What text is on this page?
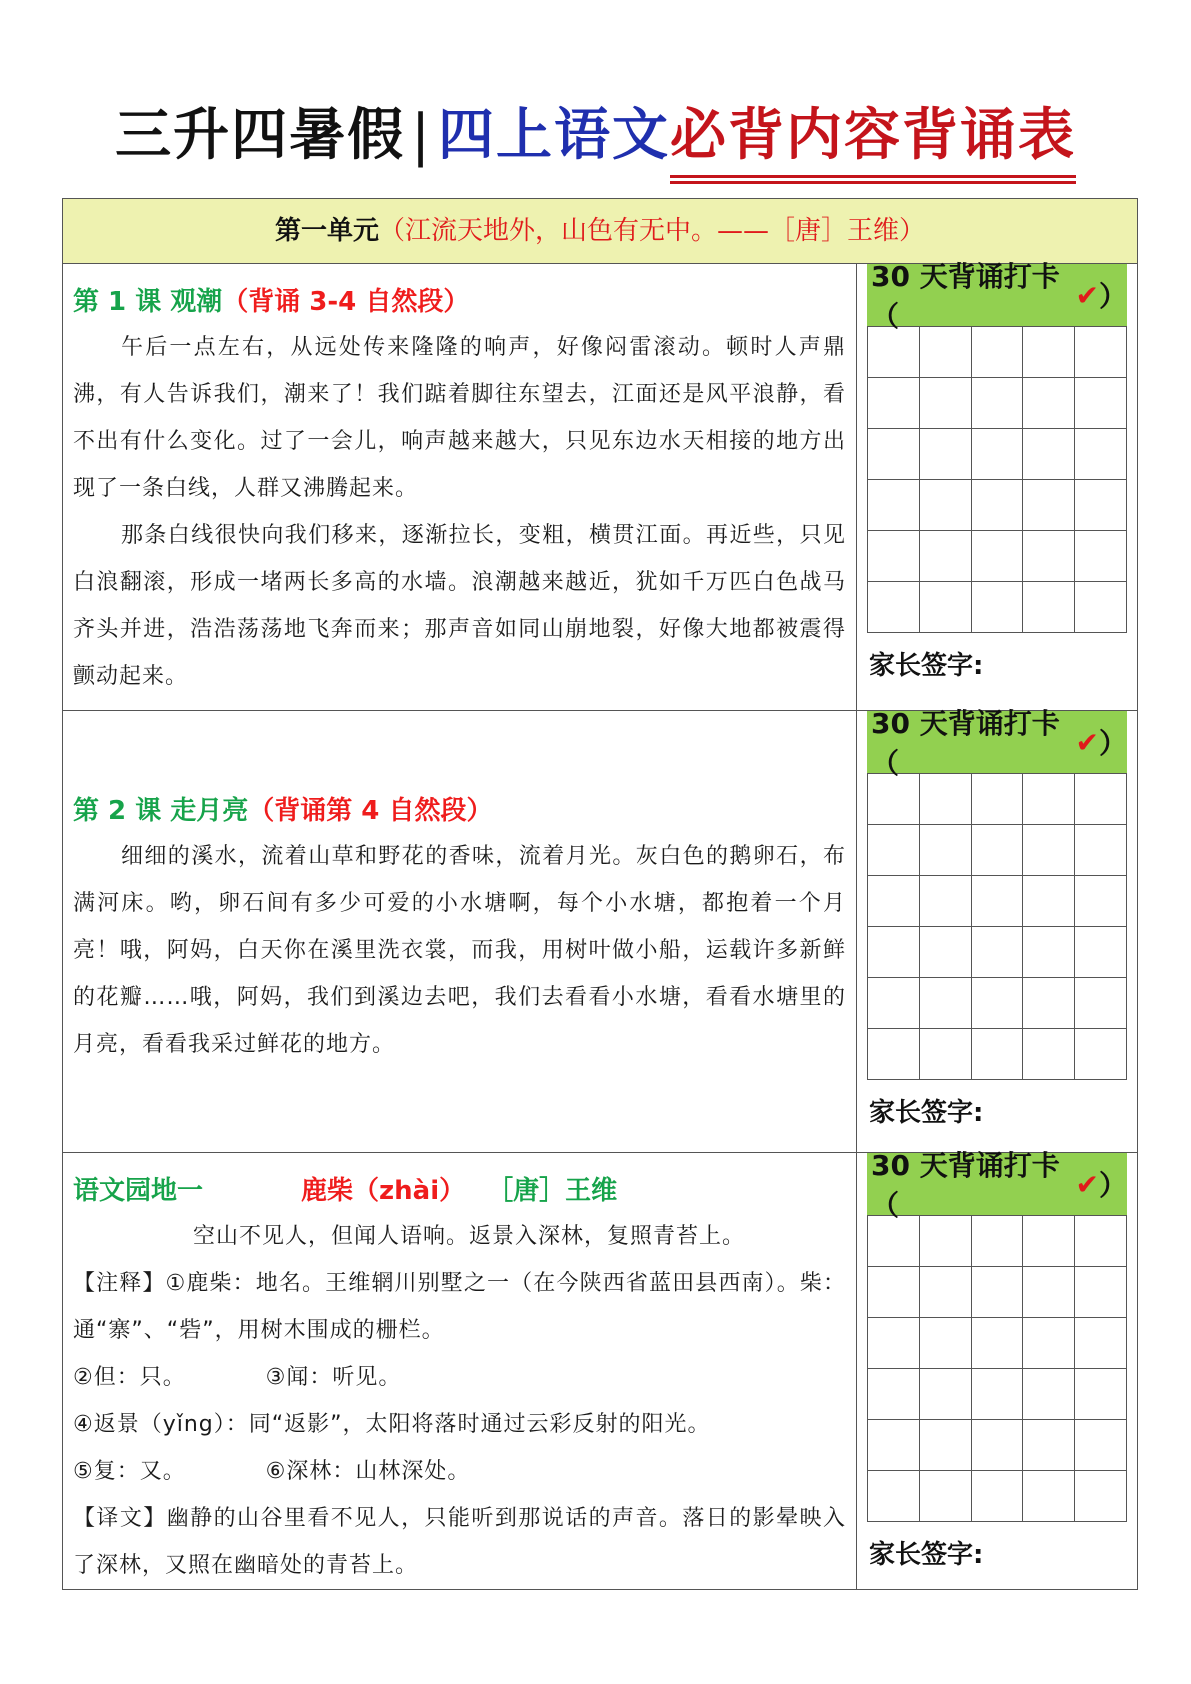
三升四暑假 | 四上语文必背内容背诵表
第一单元 （江流天地外，山色有无中。——［唐］王维）
第 1 课 观潮（背诵 3-4 自然段）

午后一点左右，从远处传来隆隆的响声，好像闷雷滚动。顿时人声鼎沸，有人告诉我们，潮来了！我们踮着脚往东望去，江面还是风平浪静，看不出有什么变化。过了一会儿，响声越来越大，只见东边水天相接的地方出现了一条白线，人群又沸腾起来。

那条白线很快向我们移来，逐渐拉长，变粗，横贯江面。再近些，只见白浪翻滚，形成一堵两长多高的水墙。浪潮越来越近，犹如千万匹白色战马齐头并进，浩浩荡荡地飞奔而来；那声音如同山崩地裂，好像大地都被震得颤动起来。

30 天背诵打卡（
✔ ）
家长签字:
第 2 课 走月亮（背诵第 4 自然段）

细细的溪水，流着山草和野花的香味，流着月光。灰白色的鹅卵石，布满河床。哟，卵石间有多少可爱的小水塘啊，每个小水塘，都抱着一个月亮！哦，阿妈，白天你在溪里洗衣裳，而我，用树叶做小船，运载许多新鲜的花瓣……哦，阿妈，我们到溪边去吧，我们去看看小水塘，看看水塘里的月亮，看看我采过鲜花的地方。

30 天背诵打卡（
✔ ）
家长签字:
语文园地一	鹿柴（zhài） ［唐］王维

空山不见人，但闻人语响。返景入深林，复照青苔上。

【注释】①鹿柴：地名。王维辋川别墅之一（在今陕西省蓝田县西南）。柴：通“寨”、“砦”，用树木围成的栅栏。

②但：只。          ③闻：听见。

④返景（yǐng）：同“返影”，太阳将落时通过云彩反射的阳光。

⑤复：又。          ⑥深林：山林深处。

【译文】幽静的山谷里看不见人，只能听到那说话的声音。落日的影晕映入了深林，又照在幽暗处的青苔上。

30 天背诵打卡（
✔ ）
家长签字:
